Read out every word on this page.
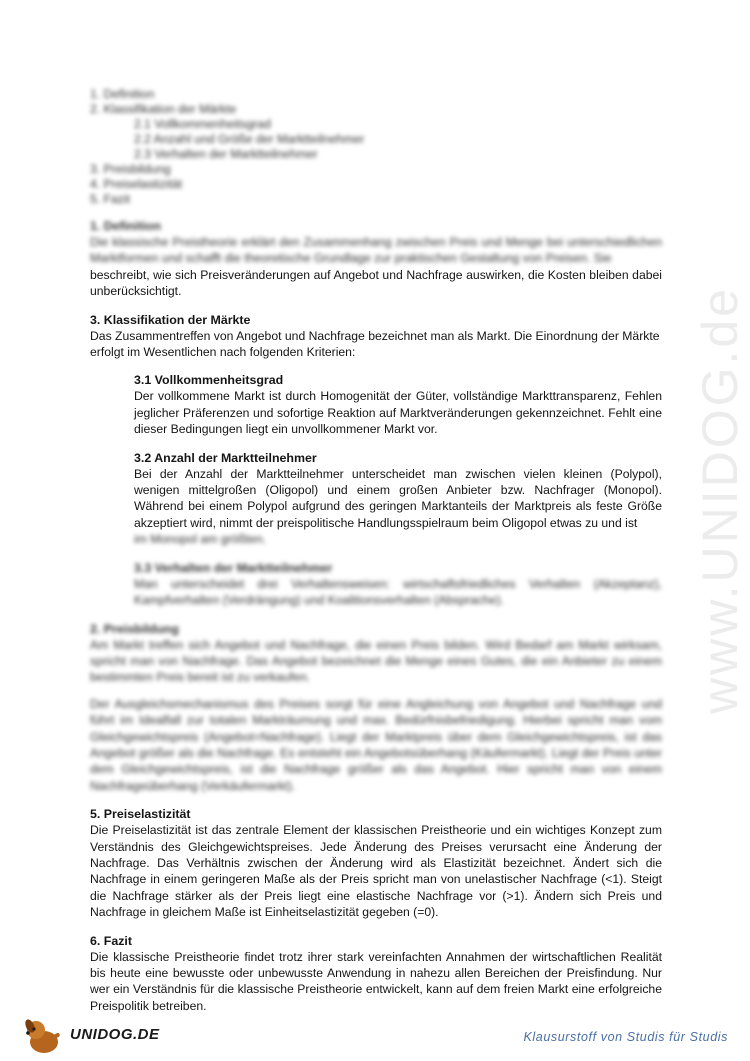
www.UNIDOG.de
1. Definition
2. Klassifikation der Märkte
2.1 Vollkommenheitsgrad
2.2 Anzahl und Größe der Marktteilnehmer
2.3 Verhalten der Marktteilnehmer
3. Preisbildung
4. Preiselastizität
5. Fazit
1. Definition

Die klassische Preistheorie erklärt den Zusammenhang zwischen Preis und Menge bei unterschiedlichen Marktformen und schafft die theoretische Grundlage zur praktischen Gestaltung von Preisen. Sie

beschreibt, wie sich Preisveränderungen auf Angebot und Nachfrage auswirken, die Kosten bleiben dabei unberücksichtigt.

3. Klassifikation der Märkte

Das Zusammentreffen von Angebot und Nachfrage bezeichnet man als Markt. Die Einordnung der Märkte erfolgt im Wesentlichen nach folgenden Kriterien:

3.1 Vollkommenheitsgrad

Der vollkommene Markt ist durch Homogenität der Güter, vollständige Markttransparenz, Fehlen jeglicher Präferenzen und sofortige Reaktion auf Marktveränderungen gekennzeichnet. Fehlt eine dieser Bedingungen liegt ein unvollkommener Markt vor.

3.2 Anzahl der Marktteilnehmer

Bei der Anzahl der Marktteilnehmer unterscheidet man zwischen vielen kleinen (Polypol), wenigen mittelgroßen (Oligopol) und einem großen Anbieter bzw. Nachfrager (Monopol). Während bei einem Polypol aufgrund des geringen Marktanteils der Marktpreis als feste Größe akzeptiert wird, nimmt der preispolitische Handlungsspielraum beim Oligopol etwas zu und ist

im Monopol am größten.

3.3 Verhalten der Marktteilnehmer

Man unterscheidet drei Verhaltensweisen: wirtschaftsfriedliches Verhalten (Akzeptanz), Kampfverhalten (Verdrängung) und Koalitionsverhalten (Absprache).

2. Preisbildung

Am Markt treffen sich Angebot und Nachfrage, die einen Preis bilden. Wird Bedarf am Markt wirksam, spricht man von Nachfrage. Das Angebot bezeichnet die Menge eines Gutes, die ein Anbieter zu einem bestimmten Preis bereit ist zu verkaufen.

Der Ausgleichsmechanismus des Preises sorgt für eine Angleichung von Angebot und Nachfrage und führt im Idealfall zur totalen Markträumung und max. Bedürfnisbefriedigung. Hierbei spricht man vom Gleichgewichtspreis (Angebot=Nachfrage). Liegt der Marktpreis über dem Gleichgewichtspreis, ist das Angebot größer als die Nachfrage. Es entsteht ein Angebotsüberhang (Käufermarkt). Liegt der Preis unter dem Gleichgewichtspreis, ist die Nachfrage größer als das Angebot. Hier spricht man von einem Nachfrageüberhang (Verkäufermarkt).

5. Preiselastizität

Die Preiselastizität ist das zentrale Element der klassischen Preistheorie und ein wichtiges Konzept zum Verständnis des Gleichgewichtspreises. Jede Änderung des Preises verursacht eine Änderung der Nachfrage. Das Verhältnis zwischen der Änderung wird als Elastizität bezeichnet. Ändert sich die Nachfrage in einem geringeren Maße als der Preis spricht man von unelastischer Nachfrage (<1). Steigt die Nachfrage stärker als der Preis liegt eine elastische Nachfrage vor (>1). Ändern sich Preis und Nachfrage in gleichem Maße ist Einheitselastizität gegeben (=0).

6. Fazit

Die klassische Preistheorie findet trotz ihrer stark vereinfachten Annahmen der wirtschaftlichen Realität bis heute eine bewusste oder unbewusste Anwendung in nahezu allen Bereichen der Preisfindung. Nur wer ein Verständnis für die klassische Preistheorie entwickelt, kann auf dem freien Markt eine erfolgreiche Preispolitik betreiben.

UNIDOG.DE	Klausurstoff von Studis für Studis
